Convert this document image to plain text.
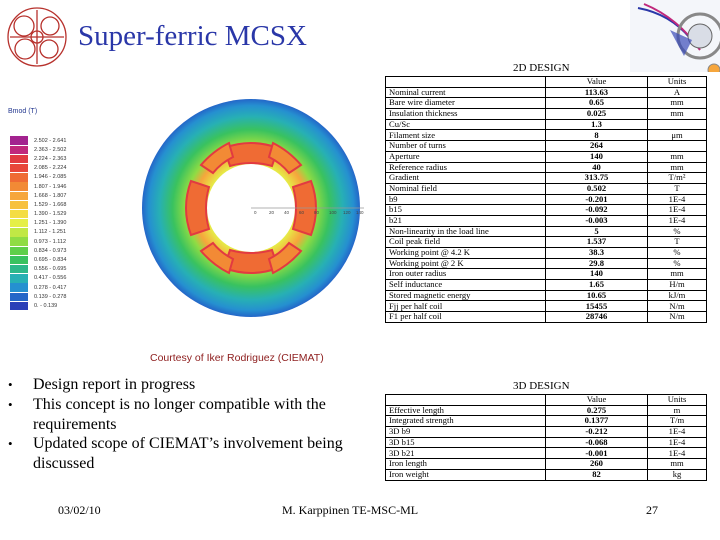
Super-ferric MCSX
0	20 40 60 80 100 120 140
Bmod (T)
2.502 - 2.641
2.363 - 2.502
2.224 - 2.363
2.085 - 2.224
1.946 - 2.085
1.807 - 1.946
1.668 - 1.807
1.529 - 1.668
1.390 - 1.529
1.251 - 1.390
1.112 - 1.251
0.973 - 1.112
0.834 - 0.973
0.695 - 0.834
0.556 - 0.695
0.417 - 0.556
0.278 - 0.417
0.139 - 0.278
0. - 0.139
Courtesy of Iker Rodriguez (CIEMAT)
2D DESIGN
	Value	Units
Nominal current	113.63	A
Bare wire diameter	0.65	mm
Insulation thickness	0.025	mm
Cu/Sc	1.3	
Filament size	8	μm
Number of turns	264	
Aperture	140	mm
Reference radius	40	mm
Gradient	313.75	T/m²
Nominal field	0.502	T
b9	-0.201	1E-4
b15	-0.092	1E-4
b21	-0.003	1E-4
Non-linearity in the load line	5	%
Coil peak field	1.537	T
Working point @ 4.2 K	38.3	%
Working point @ 2 K	29.8	%
Iron outer radius	140	mm
Self inductance	1.65	H/m
Stored magnetic energy	10.65	kJ/m
Fjj per half coil	15455	N/m
F1 per half coil	28746	N/m
3D DESIGN
	Value	Units
Effective length	0.275	m
Integrated strength	0.1377	T/m
3D b9	-0.212	1E-4
3D b15	-0.068	1E-4
3D b21	-0.001	1E-4
Iron length	260	mm
Iron weight	82	kg
•	Design report in progress
•	This concept is no longer compatible with the requirements
•	Updated scope of CIEMAT’s involvement being discussed
03/02/10	M. Karppinen TE-MSC-ML	27
